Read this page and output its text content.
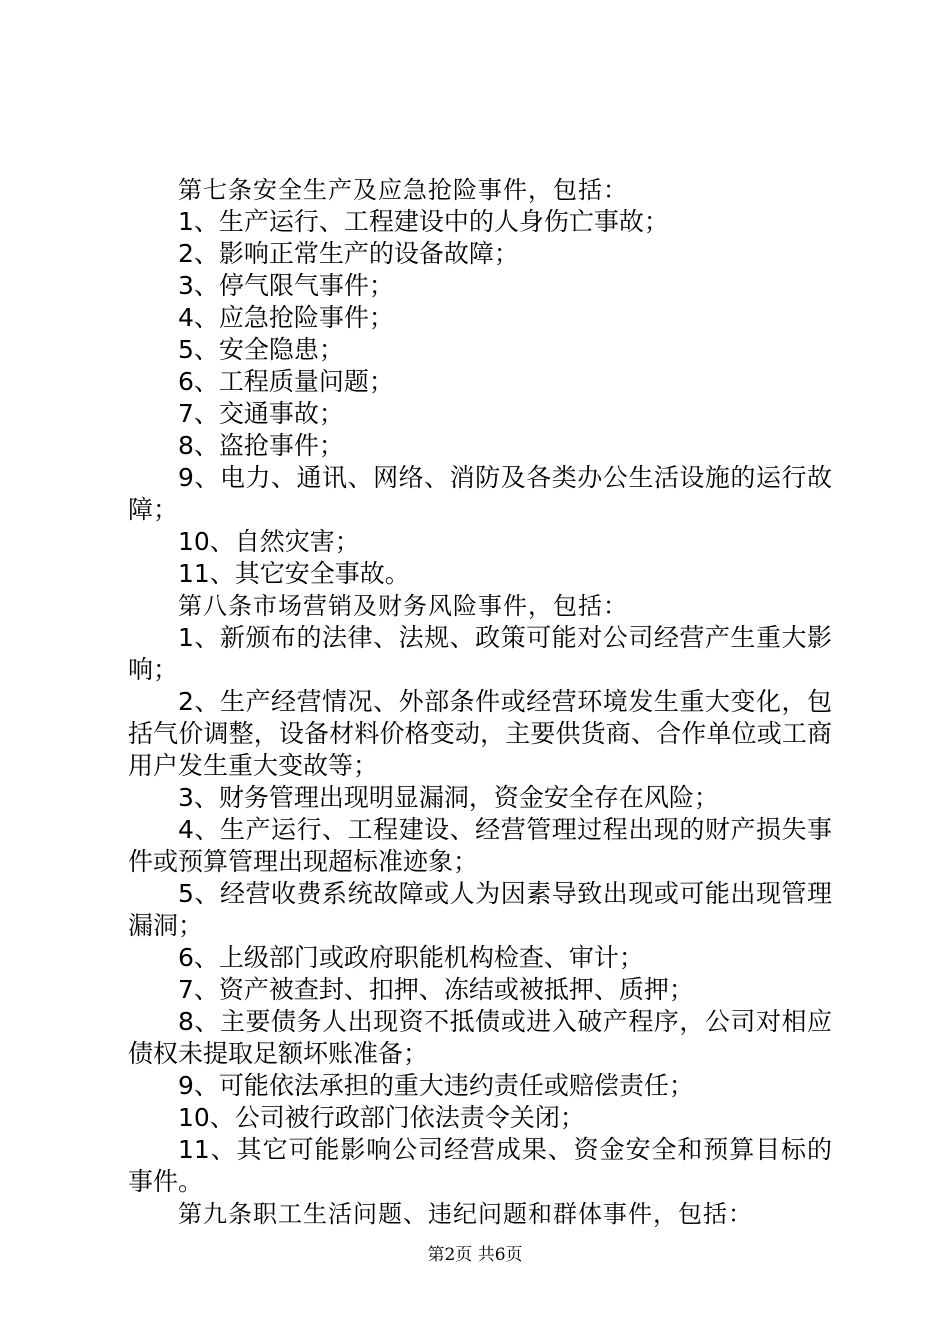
第七条安全生产及应急抢险事件，包括：

1、生产运行、工程建设中的人身伤亡事故；

2、影响正常生产的设备故障；

3、停气限气事件；

4、应急抢险事件；

5、安全隐患；

6、工程质量问题；

7、交通事故；

8、盗抢事件；

9、电力、通讯、网络、消防及各类办公生活设施的运行故障；

10、自然灾害；

11、其它安全事故。

第八条市场营销及财务风险事件，包括：

1、新颁布的法律、法规、政策可能对公司经营产生重大影响；

2、生产经营情况、外部条件或经营环境发生重大变化，包括气价调整，设备材料价格变动，主要供货商、合作单位或工商用户发生重大变故等；

3、财务管理出现明显漏洞，资金安全存在风险；

4、生产运行、工程建设、经营管理过程出现的财产损失事件或预算管理出现超标准迹象；

5、经营收费系统故障或人为因素导致出现或可能出现管理漏洞；

6、上级部门或政府职能机构检查、审计；

7、资产被查封、扣押、冻结或被抵押、质押；

8、主要债务人出现资不抵债或进入破产程序，公司对相应债权未提取足额坏账准备；

9、可能依法承担的重大违约责任或赔偿责任；

10、公司被行政部门依法责令关闭；

11、其它可能影响公司经营成果、资金安全和预算目标的事件。

第九条职工生活问题、违纪问题和群体事件，包括：

第2页 共6页
